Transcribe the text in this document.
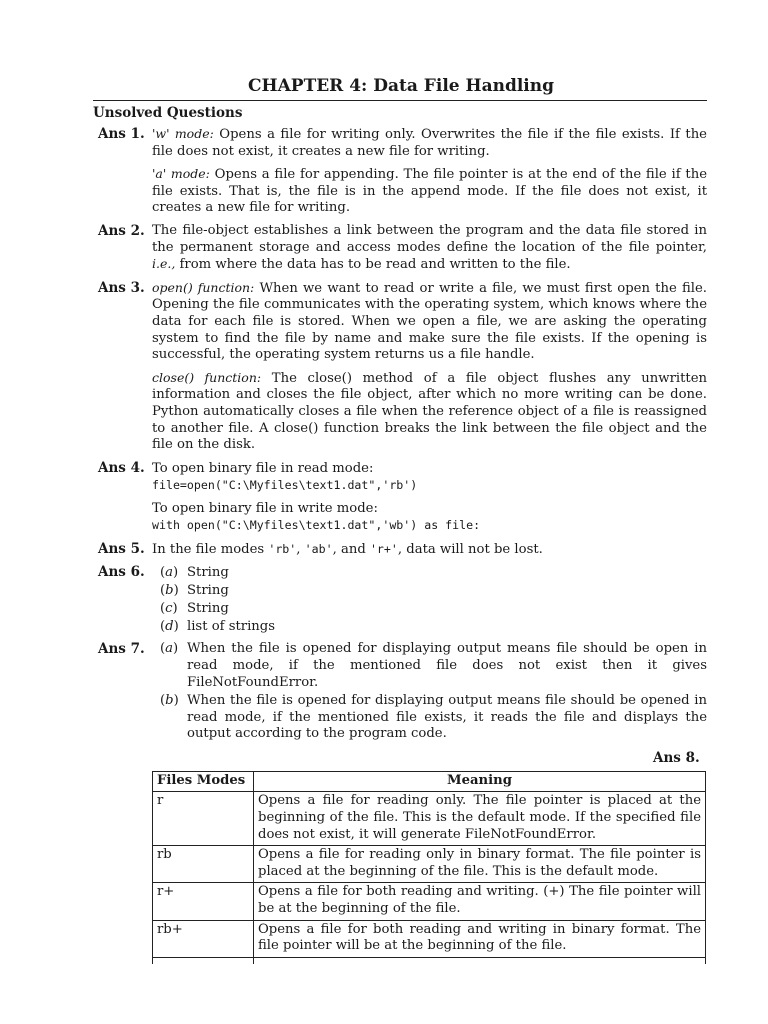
CHAPTER 4: Data File Handling
Unsolved Questions
Ans 1. 'w' mode: Opens a file for writing only. Overwrites the file if the file exists. If the file does not exist, it creates a new file for writing.

'a' mode: Opens a file for appending. The file pointer is at the end of the file if the file exists. That is, the file is in the append mode. If the file does not exist, it creates a new file for writing.

Ans 2. The file-object establishes a link between the program and the data file stored in the permanent storage and access modes define the location of the file pointer, i.e., from where the data has to be read and written to the file.

Ans 3. open() function: When we want to read or write a file, we must first open the file. Opening the file communicates with the operating system, which knows where the data for each file is stored. When we open a file, we are asking the operating system to find the file by name and make sure the file exists. If the opening is successful, the operating system returns us a file handle.

close() function: The close() method of a file object flushes any unwritten information and closes the file object, after which no more writing can be done. Python automatically closes a file when the reference object of a file is reassigned to another file. A close() function breaks the link between the file object and the file on the disk.

Ans 4. To open binary file in read mode:
file=open("C:\Myfiles\text1.dat",'rb')
To open binary file in write mode:
with open("C:\Myfiles\text1.dat",'wb') as file:
Ans 5. In the file modes 'rb', 'ab', and 'r+', data will not be lost.
Ans 6.	(a) String
(b) String
(c) String
(d) list of strings
Ans 7.	(a) When the file is opened for displaying output means file should be open in read mode, if the mentioned file does not exist then it gives FileNotFoundError.
(b) When the file is opened for displaying output means file should be opened in read mode, if the mentioned file exists, it reads the file and displays the output according to the program code.
Ans 8.
Files Modes	Meaning
r	Opens a file for reading only. The file pointer is placed at the beginning of the file. This is the default mode. If the specified file does not exist, it will generate FileNotFoundError.
rb	Opens a file for reading only in binary format. The file pointer is placed at the beginning of the file. This is the default mode.
r+	Opens a file for both reading and writing. (+) The file pointer will be at the beginning of the file.
rb+	Opens a file for both reading and writing in binary format. The file pointer will be at the beginning of the file.
